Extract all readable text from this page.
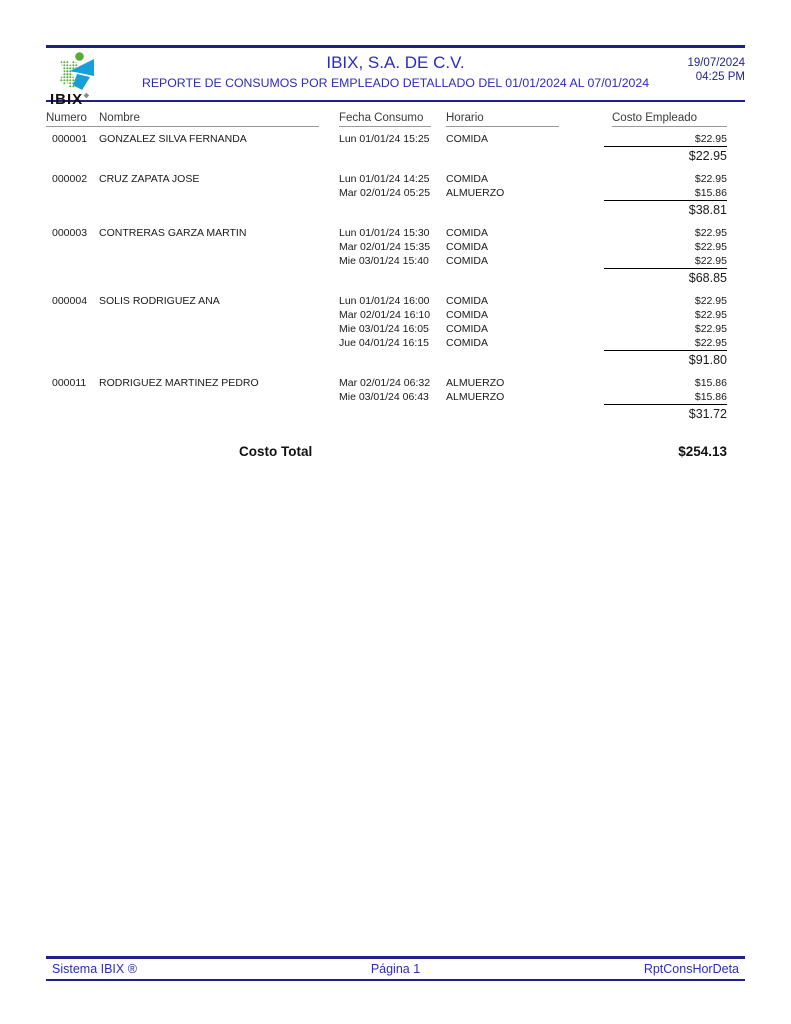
IBIX❖
IBIX, S.A. DE C.V.
REPORTE DE CONSUMOS POR EMPLEADO DETALLADO DEL 01/01/2024 AL 07/01/2024
19/07/2024
04:25 PM
Numero	Nombre	Fecha Consumo	Horario	Costo Empleado
000001	GONZALEZ SILVA FERNANDA	Lun 01/01/24 15:25	COMIDA	$22.95
$22.95
000002	CRUZ ZAPATA JOSE	Lun 01/01/24 14:25	COMIDA	$22.95
Mar 02/01/24 05:25	ALMUERZO	$15.86
$38.81
000003	CONTRERAS GARZA MARTIN	Lun 01/01/24 15:30	COMIDA	$22.95
Mar 02/01/24 15:35	COMIDA	$22.95
Mie 03/01/24 15:40	COMIDA	$22.95
$68.85
000004	SOLIS RODRIGUEZ ANA	Lun 01/01/24 16:00	COMIDA	$22.95
Mar 02/01/24 16:10	COMIDA	$22.95
Mie 03/01/24 16:05	COMIDA	$22.95
Jue 04/01/24 16:15	COMIDA	$22.95
$91.80
000011	RODRIGUEZ MARTINEZ PEDRO	Mar 02/01/24 06:32	ALMUERZO	$15.86
Mie 03/01/24 06:43	ALMUERZO	$15.86
$31.72
Costo Total	$254.13
Sistema IBIX ®	Página 1	RptConsHorDeta
